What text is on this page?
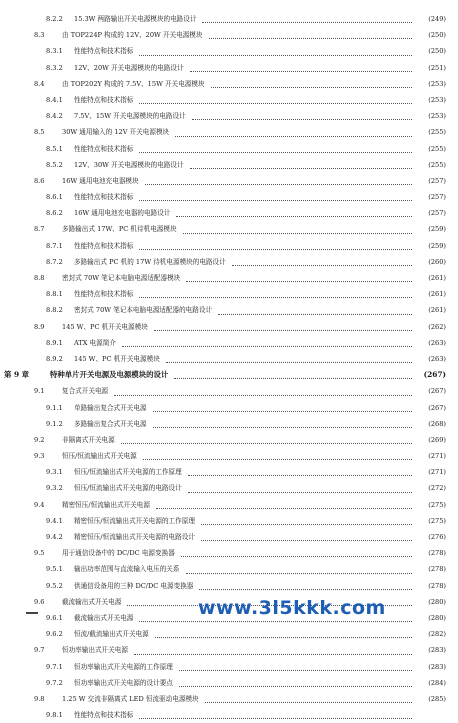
8.2.2	15.3W 两路输出开关电源模块的电路设计	(249)
8.3	由 TOP224P 构成的 12V、20W 开关电源模块	(250)
8.3.1	性能特点和技术指标	(250)
8.3.2	12V、20W 开关电源模块的电路设计	(251)
8.4	由 TOP202Y 构成的 7.5V、15W 开关电源模块	(253)
8.4.1	性能特点和技术指标	(253)
8.4.2	7.5V、15W 开关电源模块的电路设计	(253)
8.5	30W 通用输入的 12V 开关电源模块	(255)
8.5.1	性能特点和技术指标	(255)
8.5.2	12V、30W 开关电源模块的电路设计	(255)
8.6	16W 通用电池充电器模块	(257)
8.6.1	性能特点和技术指标	(257)
8.6.2	16W 通用电池充电器的电路设计	(257)
8.7	多路输出式 17W、PC 机待机电源模块	(259)
8.7.1	性能特点和技术指标	(259)
8.7.2	多路输出式 PC 机的 17W 待机电源模块的电路设计	(260)
8.8	密封式 70W 笔记本电脑电源适配器模块	(261)
8.8.1	性能特点和技术指标	(261)
8.8.2	密封式 70W 笔记本电脑电源适配器的电路设计	(261)
8.9	145 W、PC 机开关电源模块	(262)
8.9.1	ATX 电源简介	(263)
8.9.2	145 W、PC 机开关电源模块	(263)
第 9 章	特种单片开关电源及电源模块的设计	(267)
9.1	复合式开关电源	(267)
9.1.1	单路输出复合式开关电源	(267)
9.1.2	多路输出复合式开关电源	(268)
9.2	非隔离式开关电源	(269)
9.3	恒压/恒流输出式开关电源	(271)
9.3.1	恒压/恒流输出式开关电源的工作原理	(271)
9.3.2	恒压/恒流输出式开关电源的电路设计	(272)
9.4	精密恒压/恒流输出式开关电源	(275)
9.4.1	精密恒压/恒流输出式开关电源的工作原理	(275)
9.4.2	精密恒压/恒流输出式开关电源的电路设计	(276)
9.5	用于通信设备中的 DC/DC 电源变换器	(278)
9.5.1	输出功率范围与直流输入电压的关系	(278)
9.5.2	供通信设备用的三种 DC/DC 电源变换器	(278)
9.6	截流输出式开关电源	(280)
9.6.1	截流输出式开关电源	(280)
9.6.2	恒流/截流输出式开关电源	(282)
9.7	恒功率输出式开关电源	(283)
9.7.1	恒功率输出式开关电源的工作原理	(283)
9.7.2	恒功率输出式开关电源的设计要点	(284)
9.8	1.25 W 交流非隔离式 LED 恒流驱动电源模块	(285)
9.8.1	性能特点和技术指标
www.3l5kkk.com
